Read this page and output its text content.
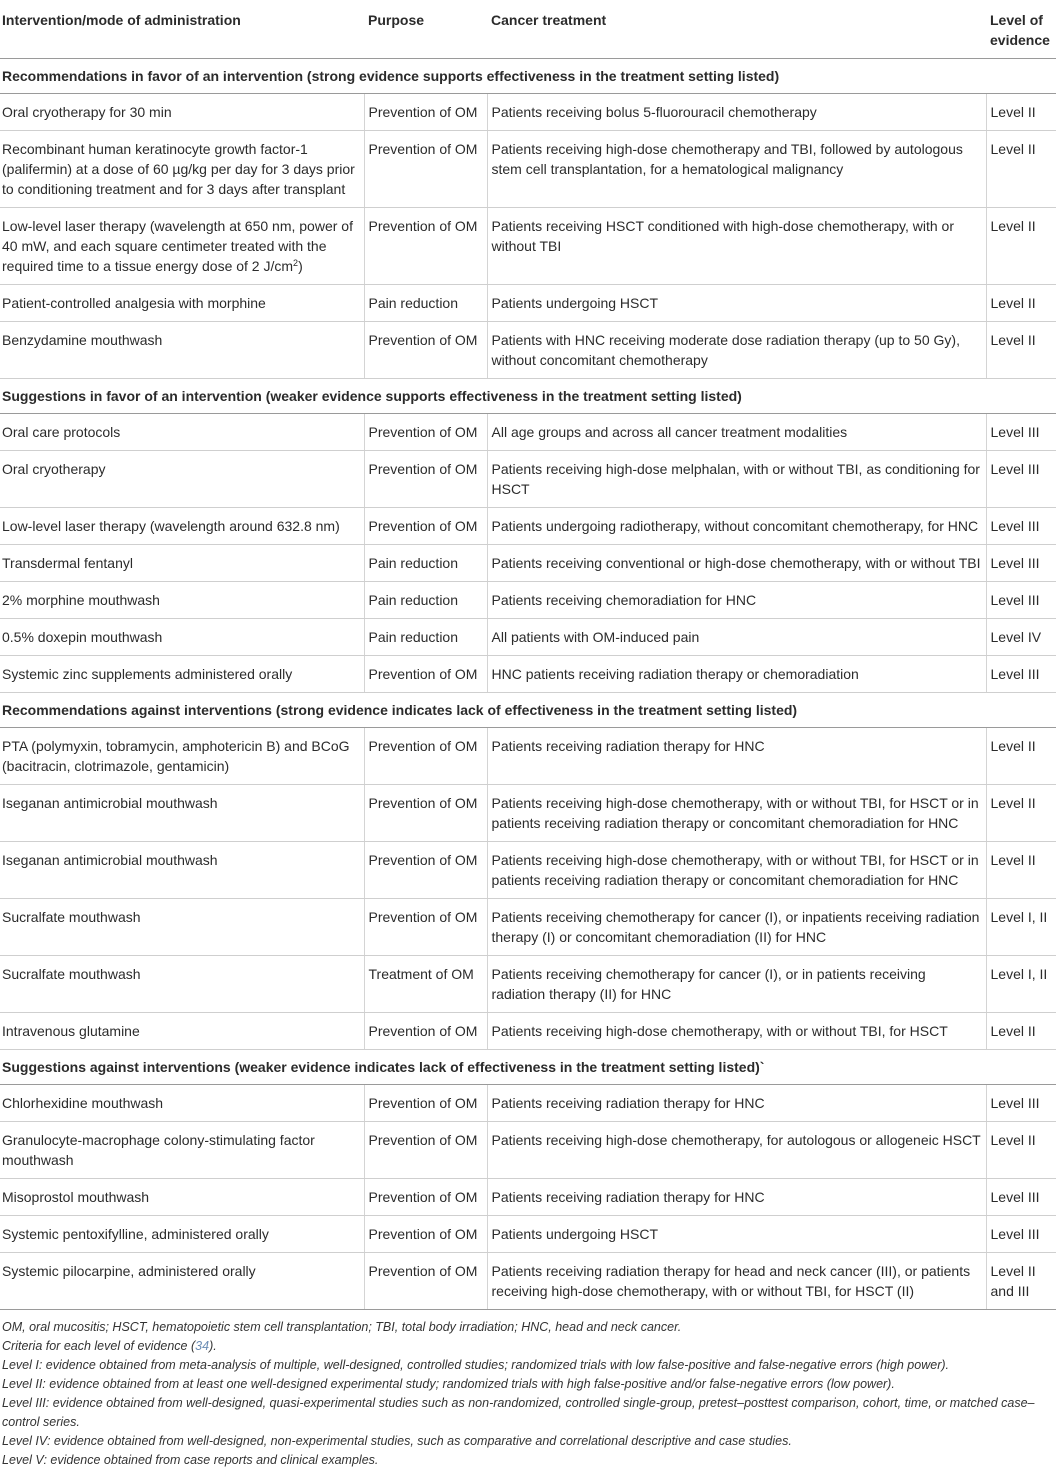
Intervention/mode of administration	Purpose	Cancer treatment	Level of evidence
Recommendations in favor of an intervention (strong evidence supports effectiveness in the treatment setting listed)			
Oral cryotherapy for 30 min	Prevention of OM	Patients receiving bolus 5-fluorouracil chemotherapy	Level II
Recombinant human keratinocyte growth factor-1 (palifermin) at a dose of 60 µg/kg per day for 3 days prior to conditioning treatment and for 3 days after transplant	Prevention of OM	Patients receiving high-dose chemotherapy and TBI, followed by autologous stem cell transplantation, for a hematological malignancy	Level II
Low-level laser therapy (wavelength at 650 nm, power of 40 mW, and each square centimeter treated with the required time to a tissue energy dose of 2 $J/cm^2$)	Prevention of OM	Patients receiving HSCT conditioned with high-dose chemotherapy, with or without TBI	Level II
Patient-controlled analgesia with morphine	Pain reduction	Patients undergoing HSCT	Level II
Benzydamine mouthwash	Prevention of OM	Patients with HNC receiving moderate dose radiation therapy (up to 50 Gy), without concomitant chemotherapy	Level II
Suggestions in favor of an intervention (weaker evidence supports effectiveness in the treatment setting listed)			
Oral care protocols	Prevention of OM	All age groups and across all cancer treatment modalities	Level III
Oral cryotherapy	Prevention of OM	Patients receiving high-dose melphalan, with or without TBI, as conditioning for HSCT	Level III
Low-level laser therapy (wavelength around 632.8 nm)	Prevention of OM	Patients undergoing radiotherapy, without concomitant chemotherapy, for HNC	Level III
Transdermal fentanyl	Pain reduction	Patients receiving conventional or high-dose chemotherapy, with or without TBI	Level III
2% morphine mouthwash	Pain reduction	Patients receiving chemoradiation for HNC	Level III
0.5% doxepin mouthwash	Pain reduction	All patients with OM-induced pain	Level IV
Systemic zinc supplements administered orally	Prevention of OM	HNC patients receiving radiation therapy or chemoradiation	Level III
Recommendations against interventions (strong evidence indicates lack of effectiveness in the treatment setting listed)			
PTA (polymyxin, tobramycin, amphotericin B) and BCoG (bacitracin, clotrimazole, gentamicin)	Prevention of OM	Patients receiving radiation therapy for HNC	Level II
Iseganan antimicrobial mouthwash	Prevention of OM	Patients receiving high-dose chemotherapy, with or without TBI, for HSCT or in patients receiving radiation therapy or concomitant chemoradiation for HNC	Level II
Iseganan antimicrobial mouthwash	Prevention of OM	Patients receiving high-dose chemotherapy, with or without TBI, for HSCT or in patients receiving radiation therapy or concomitant chemoradiation for HNC	Level II
Sucralfate mouthwash	Prevention of OM	Patients receiving chemotherapy for cancer (I), or inpatients receiving radiation therapy (I) or concomitant chemoradiation (II) for HNC	Level I, II
Sucralfate mouthwash	Treatment of OM	Patients receiving chemotherapy for cancer (I), or in patients receiving radiation therapy (II) for HNC	Level I, II
Intravenous glutamine	Prevention of OM	Patients receiving high-dose chemotherapy, with or without TBI, for HSCT	Level II
Suggestions against interventions (weaker evidence indicates lack of effectiveness in the treatment setting listed)`			
Chlorhexidine mouthwash	Prevention of OM	Patients receiving radiation therapy for HNC	Level III
Granulocyte-macrophage colony-stimulating factor mouthwash	Prevention of OM	Patients receiving high-dose chemotherapy, for autologous or allogeneic HSCT	Level II
Misoprostol mouthwash	Prevention of OM	Patients receiving radiation therapy for HNC	Level III
Systemic pentoxifylline, administered orally	Prevention of OM	Patients undergoing HSCT	Level III
Systemic pilocarpine, administered orally	Prevention of OM	Patients receiving radiation therapy for head and neck cancer (III), or patients receiving high-dose chemotherapy, with or without TBI, for HSCT (II)	Level II and III

OM, oral mucositis; HSCT, hematopoietic stem cell transplantation; TBI, total body irradiation; HNC, head and neck cancer.

Criteria for each level of evidence (34).

Level I: evidence obtained from meta-analysis of multiple, well-designed, controlled studies; randomized trials with low false-positive and false-negative errors (high power).

Level II: evidence obtained from at least one well-designed experimental study; randomized trials with high false-positive and/or false-negative errors (low power).

Level III: evidence obtained from well-designed, quasi-experimental studies such as non-randomized, controlled single-group, pretest–posttest comparison, cohort, time, or matched case–control series.

Level IV: evidence obtained from well-designed, non-experimental studies, such as comparative and correlational descriptive and case studies.

Level V: evidence obtained from case reports and clinical examples.
